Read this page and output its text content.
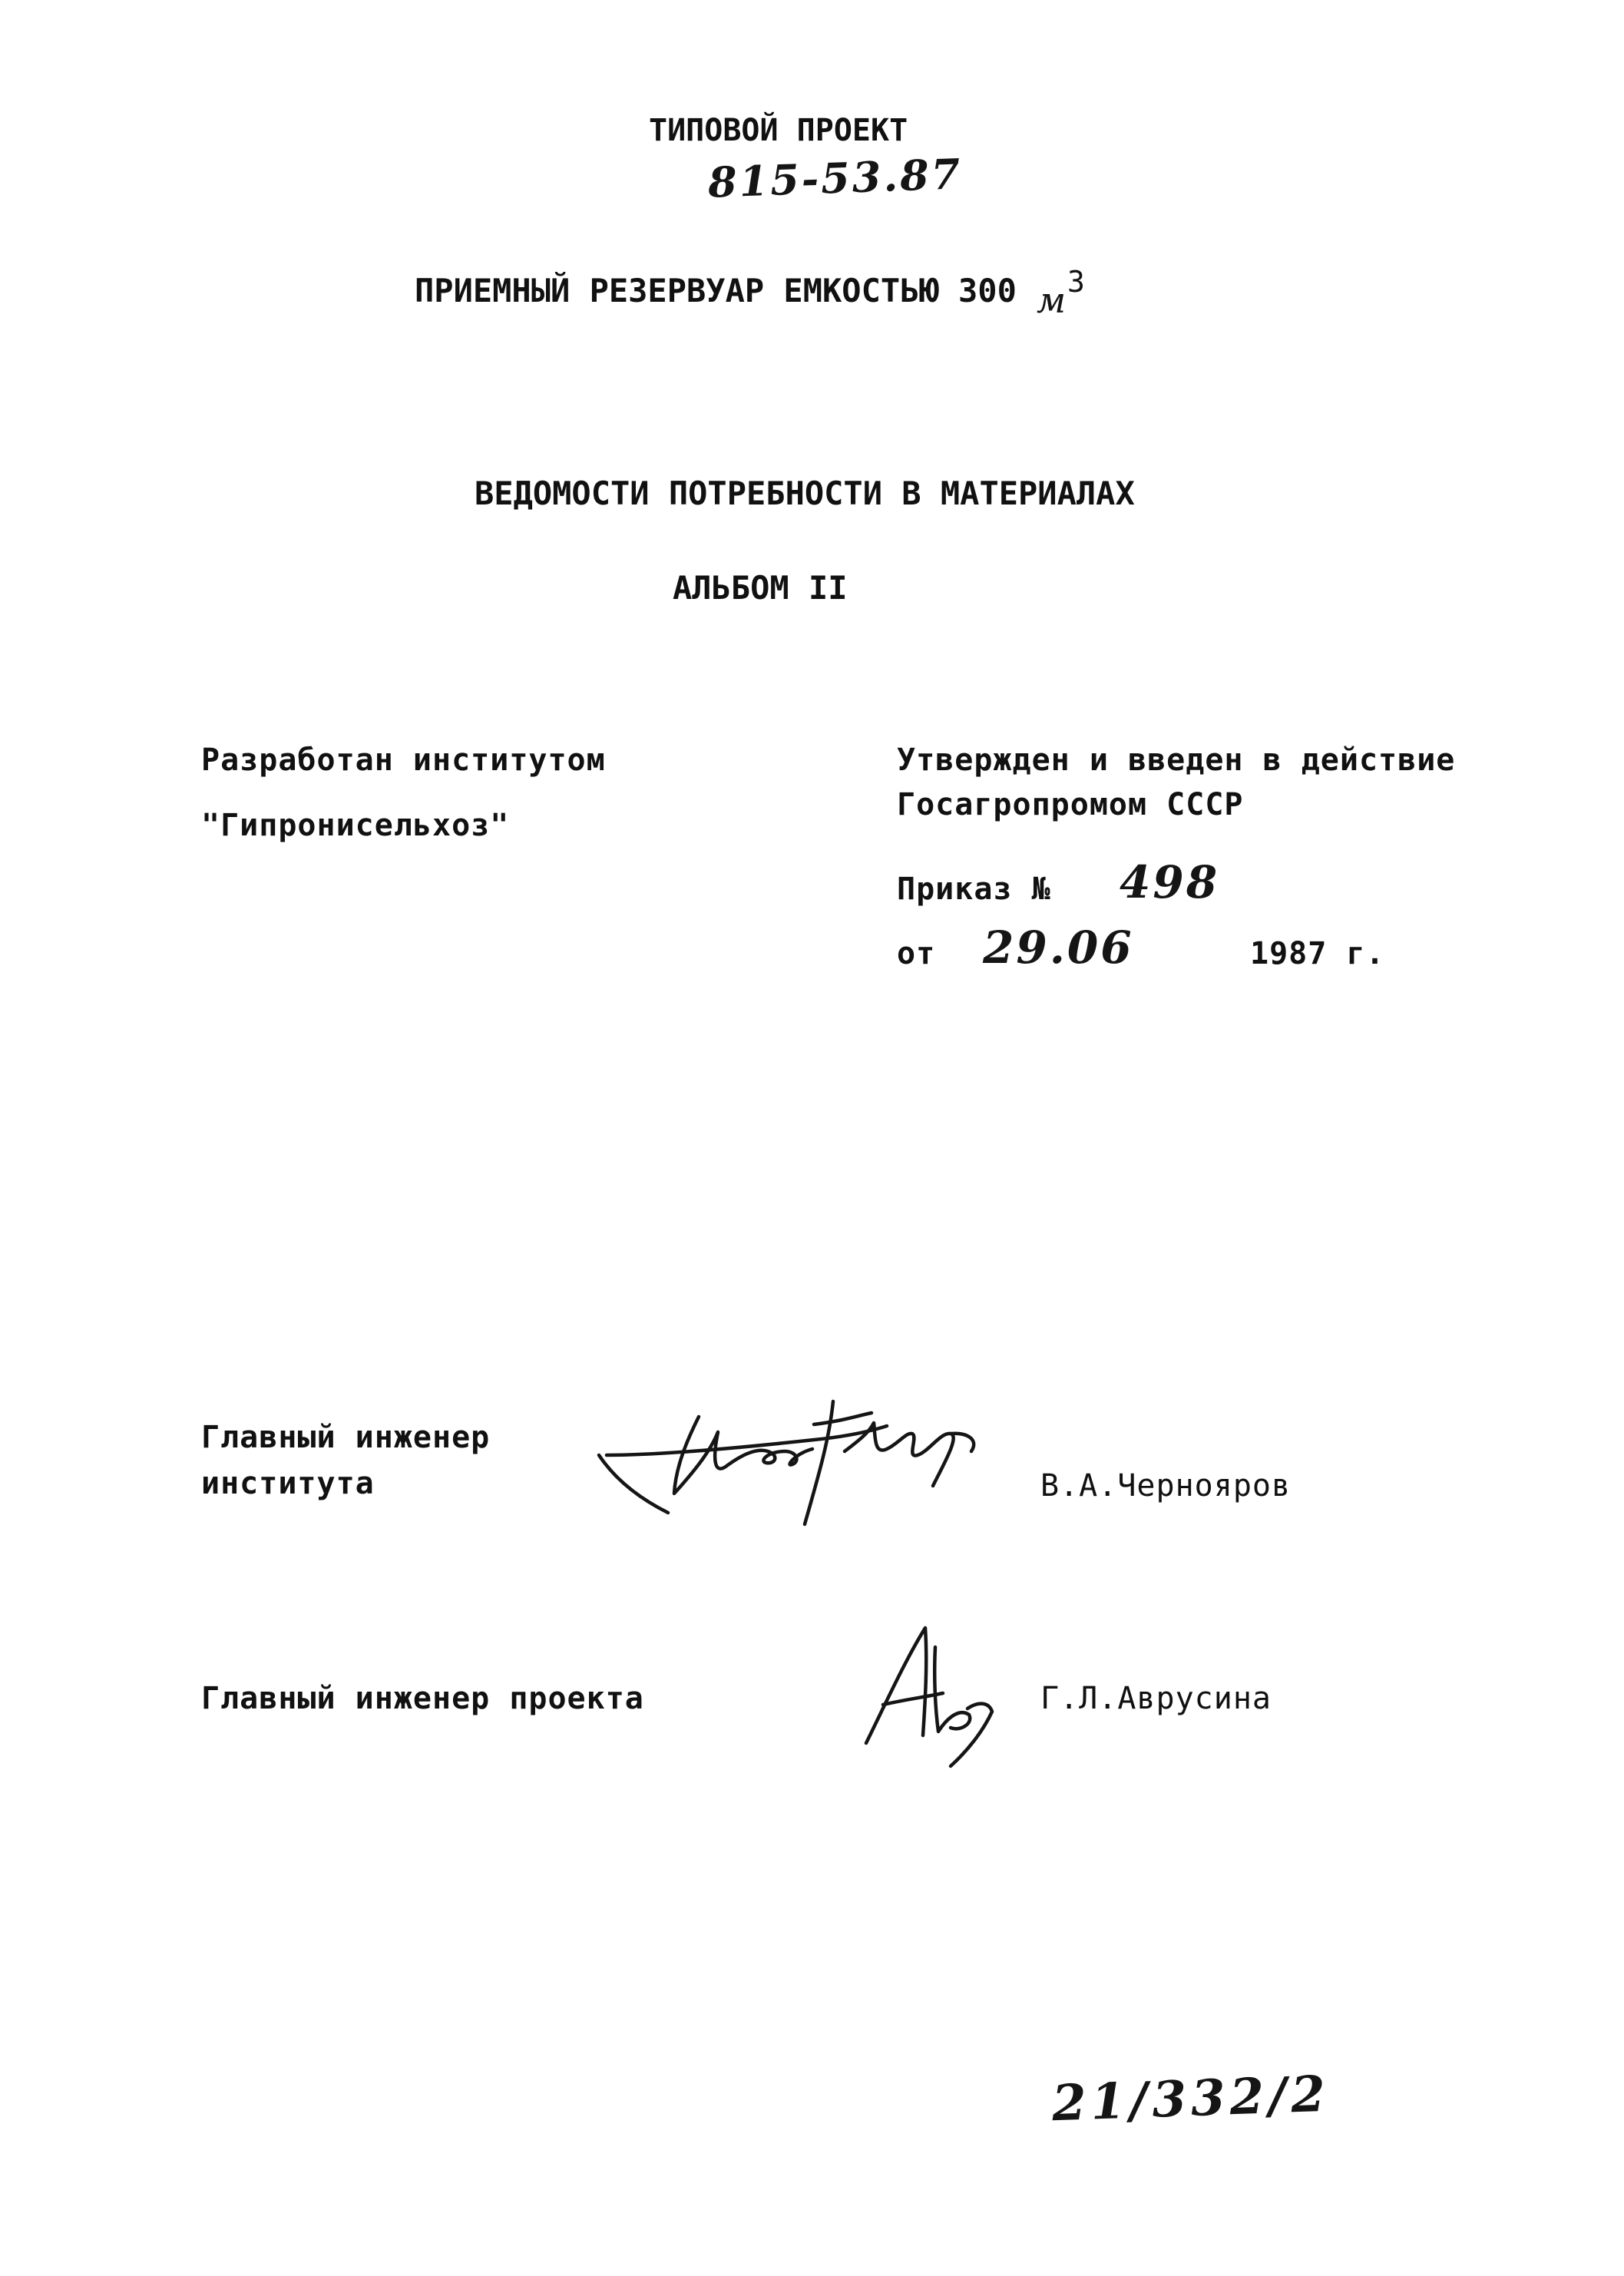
ТИПОВОЙ ПРОЕКТ
815-53.87
ПРИЕМНЫЙ РЕЗЕРВУАР ЕМКОСТЬЮ 300 м
3
ВЕДОМОСТИ ПОТРЕБНОСТИ В МАТЕРИАЛАХ
АЛЬБОМ II
Разработан институтом
"Гипронисельхоз"
Утвержден и введен в действие
Госагропромом СССР
Приказ № 498
от 29.06	1987 г.
Главный инженер
института	В.А.Чернояров
Главный инженер проекта	Г.Л.Аврусина
21/332/2
